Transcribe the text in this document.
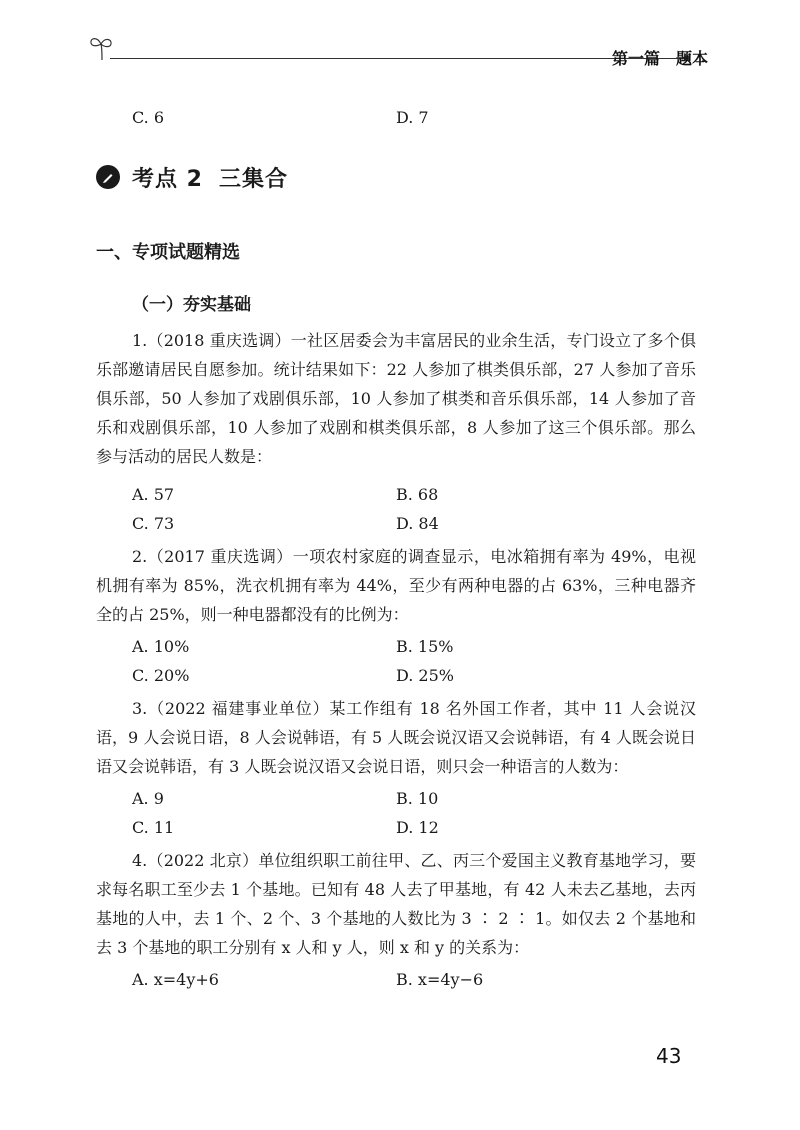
第一篇　题本
C. 6	D. 7
考点 2 三集合
一、专项试题精选
（一）夯实基础

1.（2018 重庆选调）一社区居委会为丰富居民的业余生活，专门设立了多个俱乐部邀请居民自愿参加。统计结果如下：22 人参加了棋类俱乐部，27 人参加了音乐俱乐部，50 人参加了戏剧俱乐部，10 人参加了棋类和音乐俱乐部，14 人参加了音乐和戏剧俱乐部，10 人参加了戏剧和棋类俱乐部，8 人参加了这三个俱乐部。那么参与活动的居民人数是：

A. 57	B. 68
C. 73	D. 84

2.（2017 重庆选调）一项农村家庭的调查显示，电冰箱拥有率为 49%，电视机拥有率为 85%，洗衣机拥有率为 44%，至少有两种电器的占 63%，三种电器齐全的占 25%，则一种电器都没有的比例为：

A. 10%	B. 15%
C. 20%	D. 25%

3.（2022 福建事业单位）某工作组有 18 名外国工作者，其中 11 人会说汉语，9 人会说日语，8 人会说韩语，有 5 人既会说汉语又会说韩语，有 4 人既会说日语又会说韩语，有 3 人既会说汉语又会说日语，则只会一种语言的人数为：

A. 9	B. 10
C. 11	D. 12

4.（2022 北京）单位组织职工前往甲、乙、丙三个爱国主义教育基地学习，要求每名职工至少去 1 个基地。已知有 48 人去了甲基地，有 42 人未去乙基地，去丙基地的人中，去 1 个、2 个、3 个基地的人数比为 3 ∶ 2 ∶ 1。如仅去 2 个基地和去 3 个基地的职工分别有 x 人和 y 人，则 x 和 y 的关系为：

A. x=4y+6	B. x=4y−6
43
